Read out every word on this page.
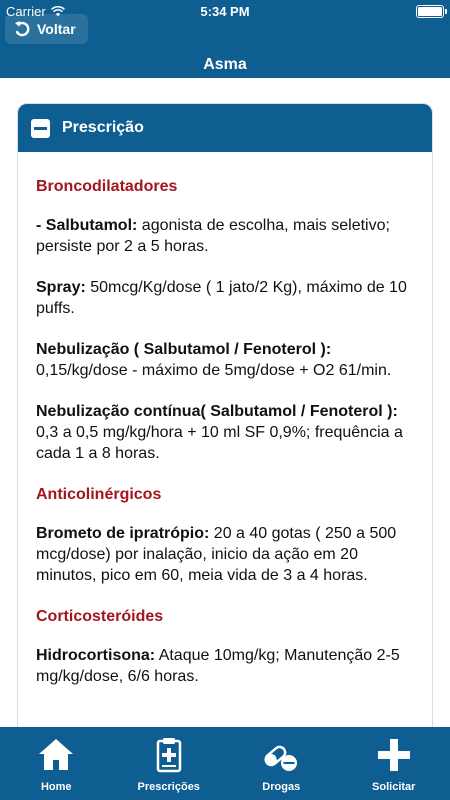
Carrier	5:34 PM
Voltar
Asma
Prescrição
Broncodilatadores

- Salbutamol: agonista de escolha, mais seletivo; persiste por 2 a 5 horas.

Spray: 50mcg/Kg/dose ( 1 jato/2 Kg), máximo de 10 puffs.

Nebulização ( Salbutamol / Fenoterol ): 0,15/kg/dose - máximo de 5mg/dose + O2 61/min.

Nebulização contínua( Salbutamol / Fenoterol ): 0,3 a 0,5 mg/kg/hora + 10 ml SF 0,9%; frequência a cada 1 a 8 horas.

Anticolinérgicos

Brometo de ipratrópio: 20 a 40 gotas ( 250 a 500 mcg/dose) por inalação, inicio da ação em 20 minutos, pico em 60, meia vida de 3 a 4 horas.

Corticosteróides

Hidrocortisona: Ataque 10mg/kg; Manutenção 2-5 mg/kg/dose, 6/6 horas.

Home	Prescrições	Drogas	Solicitar
